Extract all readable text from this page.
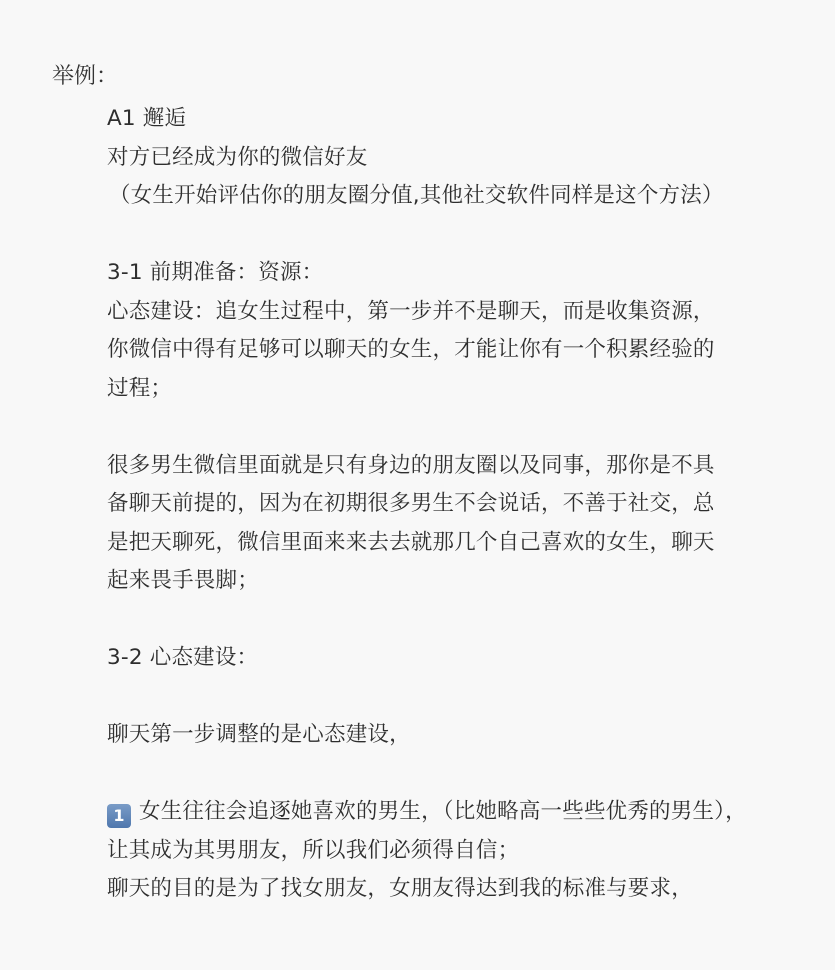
举例：
A1 邂逅
对方已经成为你的微信好友
（女生开始评估你的朋友圈分值,其他社交软件同样是这个方法）
3-1 前期准备：资源：
心态建设：追女生过程中，第一步并不是聊天，而是收集资源，
你微信中得有足够可以聊天的女生，才能让你有一个积累经验的
过程；
很多男生微信里面就是只有身边的朋友圈以及同事，那你是不具
备聊天前提的，因为在初期很多男生不会说话，不善于社交，总
是把天聊死，微信里面来来去去就那几个自己喜欢的女生，聊天
起来畏手畏脚；
3-2 心态建设：
聊天第一步调整的是心态建设，
1 女生往往会追逐她喜欢的男生，（比她略高一些些优秀的男生），
让其成为其男朋友，所以我们必须得自信；
聊天的目的是为了找女朋友，女朋友得达到我的标准与要求，
